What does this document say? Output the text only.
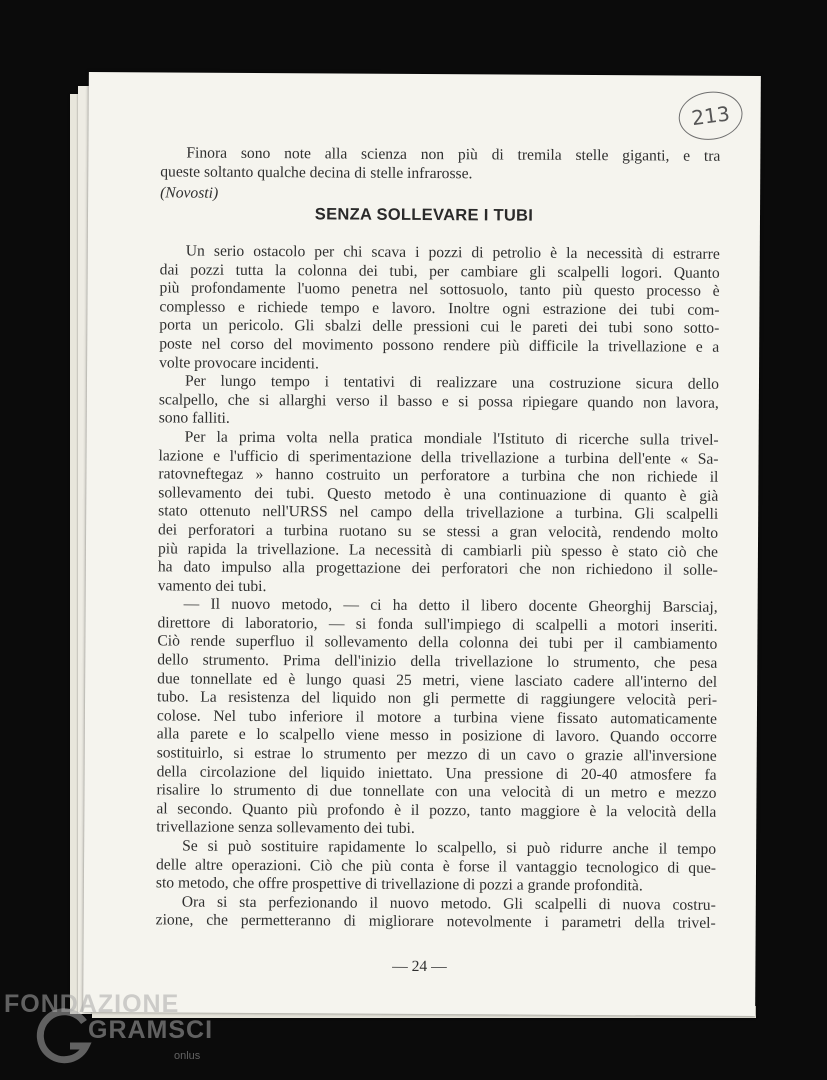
213

Finora sono note alla scienza non più di tremila stelle giganti, e tra
queste soltanto qualche decina di stelle infrarosse.

(Novosti)
SENZA SOLLEVARE I TUBI

Un serio ostacolo per chi scava i pozzi di petrolio è la necessità di estrarre
dai pozzi tutta la colonna dei tubi, per cambiare gli scalpelli logori. Quanto
più profondamente l'uomo penetra nel sottosuolo, tanto più questo processo è
complesso e richiede tempo e lavoro. Inoltre ogni estrazione dei tubi com-
porta un pericolo. Gli sbalzi delle pressioni cui le pareti dei tubi sono sotto-
poste nel corso del movimento possono rendere più difficile la trivellazione e a
volte provocare incidenti.

Per lungo tempo i tentativi di realizzare una costruzione sicura dello
scalpello, che si allarghi verso il basso e si possa ripiegare quando non lavora,
sono falliti.

Per la prima volta nella pratica mondiale l'Istituto di ricerche sulla trivel-
lazione e l'ufficio di sperimentazione della trivellazione a turbina dell'ente « Sa-
ratovneftegaz » hanno costruito un perforatore a turbina che non richiede il
sollevamento dei tubi. Questo metodo è una continuazione di quanto è già
stato ottenuto nell'URSS nel campo della trivellazione a turbina. Gli scalpelli
dei perforatori a turbina ruotano su se stessi a gran velocità, rendendo molto
più rapida la trivellazione. La necessità di cambiarli più spesso è stato ciò che
ha dato impulso alla progettazione dei perforatori che non richiedono il solle-
vamento dei tubi.

— Il nuovo metodo, — ci ha detto il libero docente Gheorghij Barsciaj,
direttore di laboratorio, — si fonda sull'impiego di scalpelli a motori inseriti.
Ciò rende superfluo il sollevamento della colonna dei tubi per il cambiamento
dello strumento. Prima dell'inizio della trivellazione lo strumento, che pesa
due tonnellate ed è lungo quasi 25 metri, viene lasciato cadere all'interno del
tubo. La resistenza del liquido non gli permette di raggiungere velocità peri-
colose. Nel tubo inferiore il motore a turbina viene fissato automaticamente
alla parete e lo scalpello viene messo in posizione di lavoro. Quando occorre
sostituirlo, si estrae lo strumento per mezzo di un cavo o grazie all'inversione
della circolazione del liquido iniettato. Una pressione di 20-40 atmosfere fa
risalire lo strumento di due tonnellate con una velocità di un metro e mezzo
al secondo. Quanto più profondo è il pozzo, tanto maggiore è la velocità della
trivellazione senza sollevamento dei tubi.

Se si può sostituire rapidamente lo scalpello, si può ridurre anche il tempo
delle altre operazioni. Ciò che più conta è forse il vantaggio tecnologico di que-
sto metodo, che offre prospettive di trivellazione di pozzi a grande profondità.

Ora si sta perfezionando il nuovo metodo. Gli scalpelli di nuova costru-
zione, che permetteranno di migliorare notevolmente i parametri della trivel-

— 24 —
FONDAZIONE
GRAMSCI
onlus
